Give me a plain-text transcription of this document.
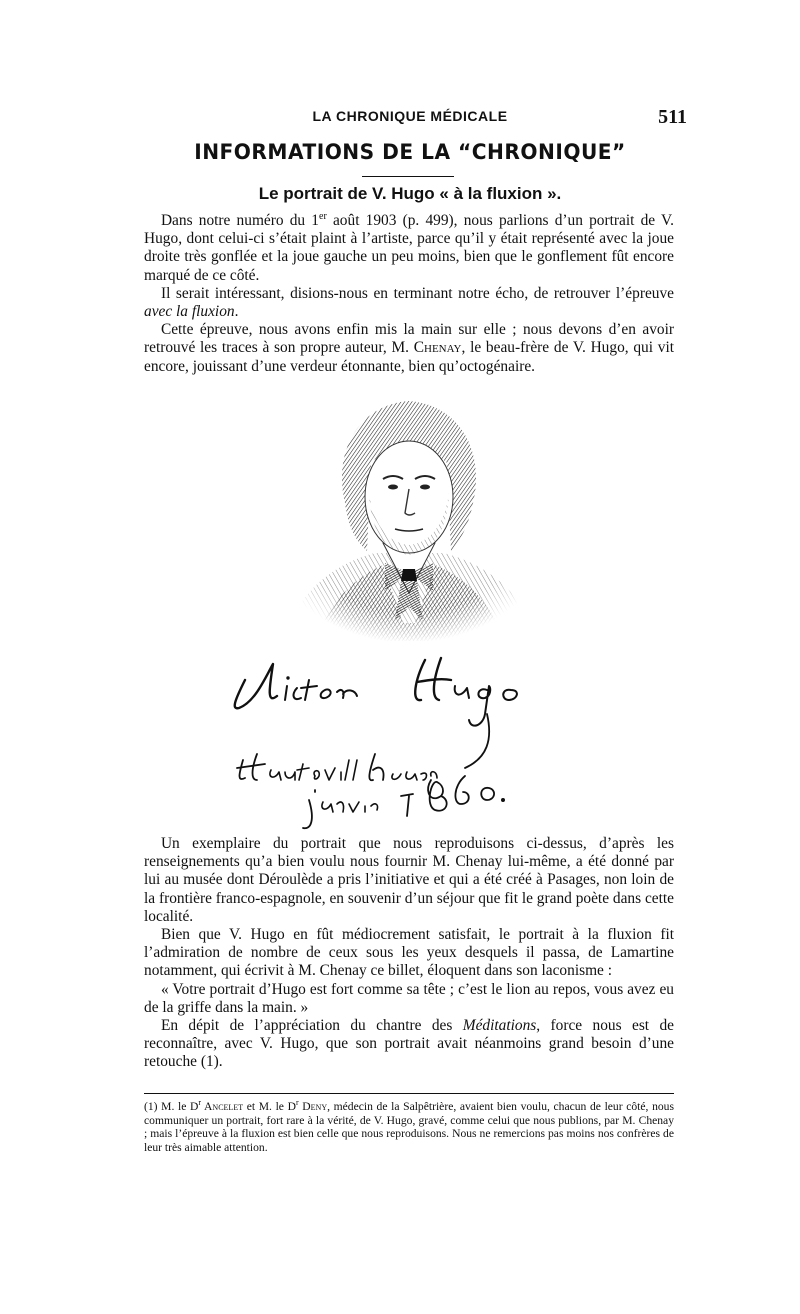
LA CHRONIQUE MÉDICALE	511
INFORMATIONS DE LA “CHRONIQUE”
Le portrait de V. Hugo « à la fluxion ».

Dans notre numéro du 1er août 1903 (p. 499), nous parlions d’un portrait de V. Hugo, dont celui-ci s’était plaint à l’artiste, parce qu’il y était représenté avec la joue droite très gonflée et la joue gauche un peu moins, bien que le gonflement fût encore marqué de ce côté.

Il serait intéressant, disions-nous en terminant notre écho, de retrouver l’épreuve avec la fluxion.

Cette épreuve, nous avons enfin mis la main sur elle ; nous devons d’en avoir retrouvé les traces à son propre auteur, M. Chenay, le beau-frère de V. Hugo, qui vit encore, jouissant d’une verdeur étonnante, bien qu’octogénaire.

Un exemplaire du portrait que nous reproduisons ci-dessus, d’après les renseignements qu’a bien voulu nous fournir M. Chenay lui-même, a été donné par lui au musée dont Déroulède a pris l’initiative et qui a été créé à Pasages, non loin de la frontière franco-espagnole, en souvenir d’un séjour que fit le grand poète dans cette localité.

Bien que V. Hugo en fût médiocrement satisfait, le portrait à la fluxion fit l’admiration de nombre de ceux sous les yeux desquels il passa, de Lamartine notamment, qui écrivit à M. Chenay ce billet, éloquent dans son laconisme :

« Votre portrait d’Hugo est fort comme sa tête ; c’est le lion au repos, vous avez eu de la griffe dans la main. »

En dépit de l’appréciation du chantre des Méditations, force nous est de reconnaître, avec V. Hugo, que son portrait avait néanmoins grand besoin d’une retouche (1).

(1) M. le $D^r$ Ancelet et M. le $D^r$ Deny, médecin de la Salpêtrière, avaient bien voulu, chacun de leur côté, nous communiquer un portrait, fort rare à la vérité, de V. Hugo, gravé, comme celui que nous publions, par M. Chenay ; mais l’épreuve à la fluxion est bien celle que nous reproduisons. Nous ne remercions pas moins nos confrères de leur très aimable attention.
